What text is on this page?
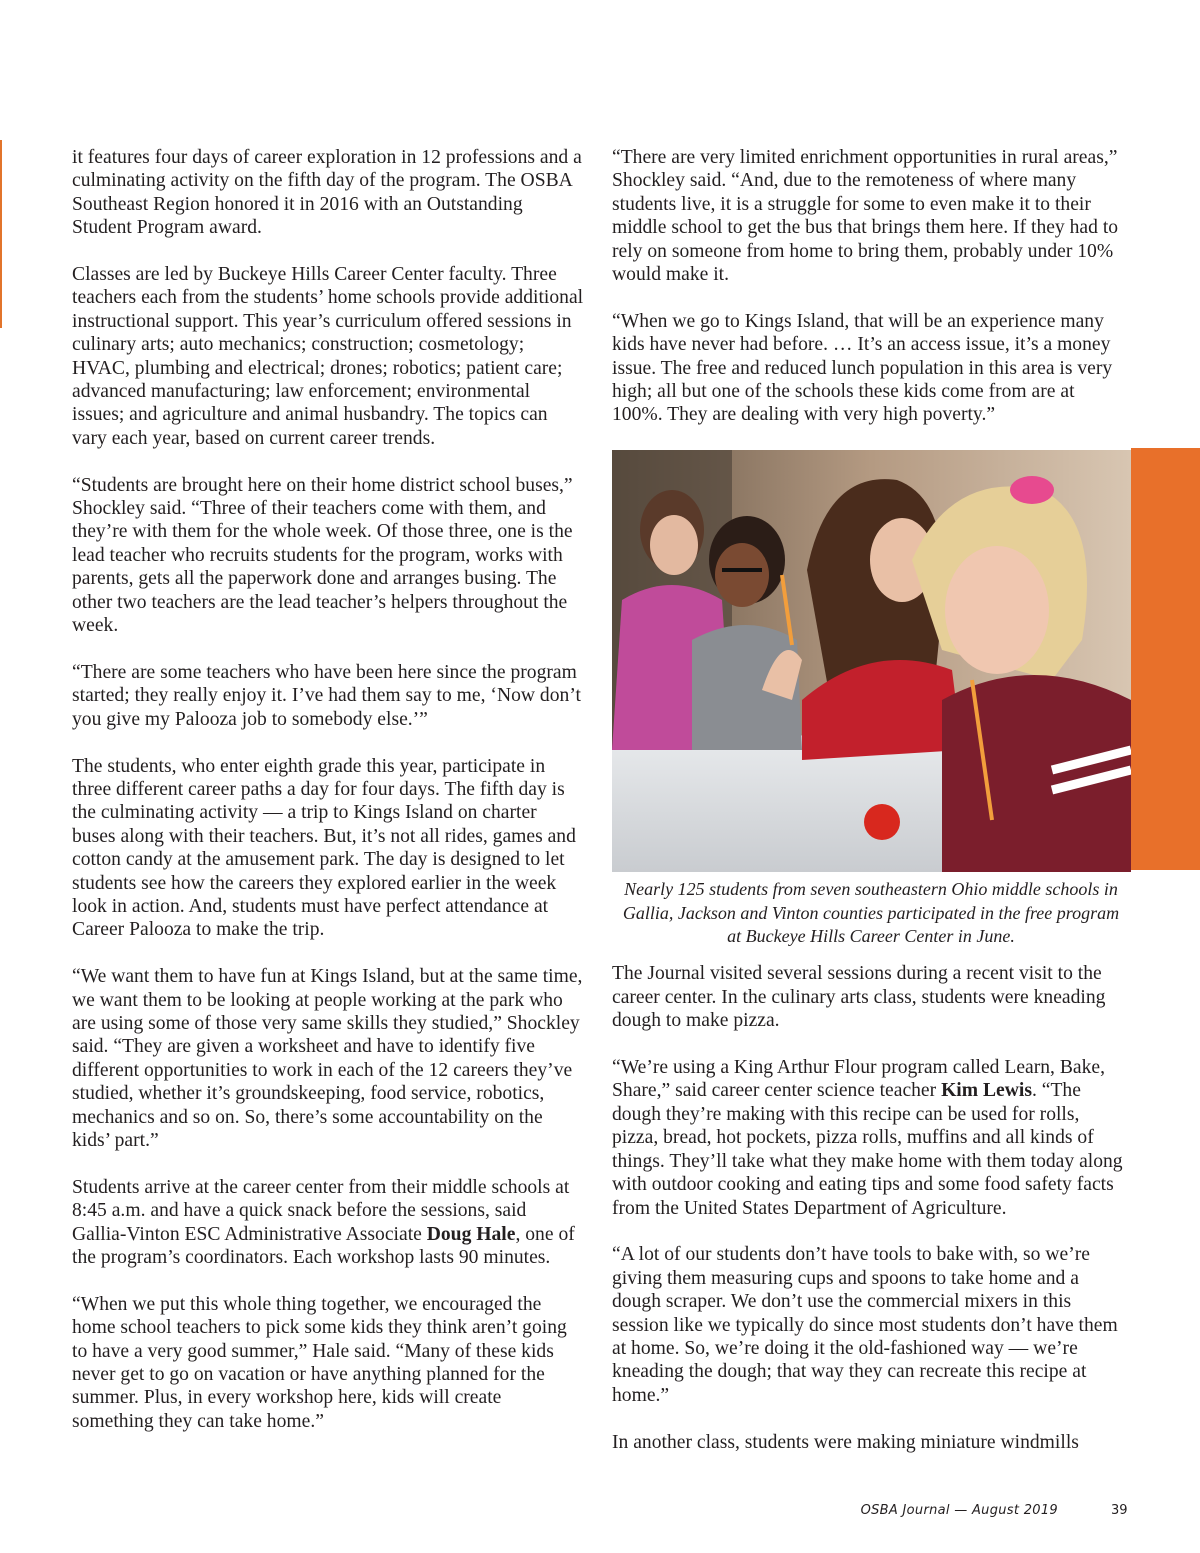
it features four days of career exploration in 12 professions and a culminating activity on the fifth day of the program. The OSBA Southeast Region honored it in 2016 with an Outstanding Student Program award.

Classes are led by Buckeye Hills Career Center faculty. Three teachers each from the students’ home schools provide additional instructional support. This year’s curriculum offered sessions in culinary arts; auto mechanics; construction; cosmetology; HVAC, plumbing and electrical; drones; robotics; patient care; advanced manufacturing; law enforcement; environmental issues; and agriculture and animal husbandry. The topics can vary each year, based on current career trends.

“Students are brought here on their home district school buses,” Shockley said. “Three of their teachers come with them, and they’re with them for the whole week. Of those three, one is the lead teacher who recruits students for the program, works with parents, gets all the paperwork done and arranges busing. The other two teachers are the lead teacher’s helpers throughout the week.

“There are some teachers who have been here since the program started; they really enjoy it. I’ve had them say to me, ‘Now don’t you give my Palooza job to somebody else.’”

The students, who enter eighth grade this year, participate in three different career paths a day for four days. The fifth day is the culminating activity — a trip to Kings Island on charter buses along with their teachers. But, it’s not all rides, games and cotton candy at the amusement park. The day is designed to let students see how the careers they explored earlier in the week look in action. And, students must have perfect attendance at Career Palooza to make the trip.

“We want them to have fun at Kings Island, but at the same time, we want them to be looking at people working at the park who are using some of those very same skills they studied,” Shockley said. “They are given a worksheet and have to identify five different opportunities to work in each of the 12 careers they’ve studied, whether it’s groundskeeping, food service, robotics, mechanics and so on. So, there’s some accountability on the kids’ part.”

Students arrive at the career center from their middle schools at 8:45 a.m. and have a quick snack before the sessions, said Gallia-Vinton ESC Administrative Associate Doug Hale, one of the program’s coordinators. Each workshop lasts 90 minutes.

“When we put this whole thing together, we encouraged the home school teachers to pick some kids they think aren’t going to have a very good summer,” Hale said. “Many of these kids never get to go on vacation or have anything planned for the summer. Plus, in every workshop here, kids will create something they can take home.”

“There are very limited enrichment opportunities in rural areas,” Shockley said. “And, due to the remoteness of where many students live, it is a struggle for some to even make it to their middle school to get the bus that brings them here. If they had to rely on someone from home to bring them, probably under 10% would make it.

“When we go to Kings Island, that will be an experience many kids have never had before. … It’s an access issue, it’s a money issue. The free and reduced lunch population in this area is very high; all but one of the schools these kids come from are at 100%. They are dealing with very high poverty.”

Nearly 125 students from seven southeastern Ohio middle schools in Gallia, Jackson and Vinton counties participated in the free program at Buckeye Hills Career Center in June.

The Journal visited several sessions during a recent visit to the career center. In the culinary arts class, students were kneading dough to make pizza.

“We’re using a King Arthur Flour program called Learn, Bake, Share,” said career center science teacher Kim Lewis. “The dough they’re making with this recipe can be used for rolls, pizza, bread, hot pockets, pizza rolls, muffins and all kinds of things. They’ll take what they make home with them today along with outdoor cooking and eating tips and some food safety facts from the United States Department of Agriculture.

“A lot of our students don’t have tools to bake with, so we’re giving them measuring cups and spoons to take home and a dough scraper. We don’t use the commercial mixers in this session like we typically do since most students don’t have them at home. So, we’re doing it the old-fashioned way — we’re kneading the dough; that way they can recreate this recipe at home.”

In another class, students were making miniature windmills

OSBA Journal — August 2019	39
